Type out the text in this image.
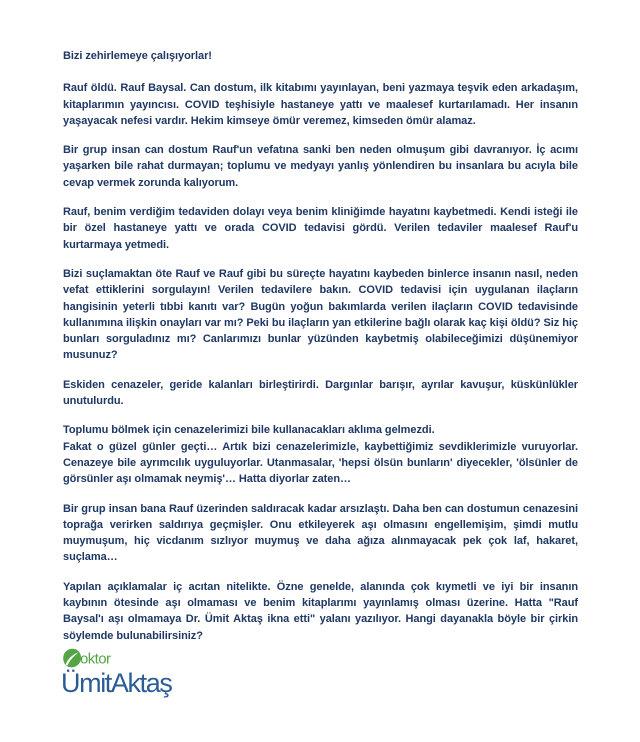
Bizi zehirlemeye çalışıyorlar!

Rauf öldü. Rauf Baysal. Can dostum, ilk kitabımı yayınlayan, beni yazmaya teşvik eden arkadaşım, kitaplarımın yayıncısı. COVID teşhisiyle hastaneye yattı ve maalesef kurtarılamadı. Her insanın yaşayacak nefesi vardır. Hekim kimseye ömür veremez, kimseden ömür alamaz.

Bir grup insan can dostum Rauf'un vefatına sanki ben neden olmuşum gibi davranıyor. İç acımı yaşarken bile rahat durmayan; toplumu ve medyayı yanlış yönlendiren bu insanlara bu acıyla bile cevap vermek zorunda kalıyorum.

Rauf, benim verdiğim tedaviden dolayı veya benim kliniğimde hayatını kaybetmedi. Kendi isteği ile bir özel hastaneye yattı ve orada COVID tedavisi gördü. Verilen tedaviler maalesef Rauf'u kurtarmaya yetmedi.

Bizi suçlamaktan öte Rauf ve Rauf gibi bu süreçte hayatını kaybeden binlerce insanın nasıl, neden vefat ettiklerini sorgulayın! Verilen tedavilere bakın. COVID tedavisi için uygulanan ilaçların hangisinin yeterli tıbbi kanıtı var? Bugün yoğun bakımlarda verilen ilaçların COVID tedavisinde kullanımına ilişkin onayları var mı? Peki bu ilaçların yan etkilerine bağlı olarak kaç kişi öldü? Siz hiç bunları sorguladınız mı? Canlarımızı bunlar yüzünden kaybetmiş olabileceğimizi düşünemiyor musunuz?

Eskiden cenazeler, geride kalanları birleştirirdi. Dargınlar barışır, ayrılar kavuşur, küskünlükler unutulurdu.

Toplumu bölmek için cenazelerimizi bile kullanacakları aklıma gelmezdi.

Fakat o güzel günler geçti… Artık bizi cenazelerimizle, kaybettiğimiz sevdiklerimizle vuruyorlar. Cenazeye bile ayrımcılık uyguluyorlar. Utanmasalar, 'hepsi ölsün bunların' diyecekler, 'ölsünler de görsünler aşı olmamak neymiş'… Hatta diyorlar zaten…

Bir grup insan bana Rauf üzerinden saldıracak kadar arsızlaştı. Daha ben can dostumun cenazesini toprağa verirken saldırıya geçmişler. Onu etkileyerek aşı olmasını engellemişim, şimdi mutlu muymuşum, hiç vicdanım sızlıyor muymuş ve daha ağıza alınmayacak pek çok laf, hakaret, suçlama…

Yapılan açıklamalar iç acıtan nitelikte. Özne genelde, alanında çok kıymetli ve iyi bir insanın kaybının ötesinde aşı olmaması ve benim kitaplarımı yayınlamış olması üzerine. Hatta "Rauf Baysal'ı aşı olmamaya Dr. Ümit Aktaş ikna etti" yalanı yazılıyor. Hangi dayanakla böyle bir çirkin söylemde bulunabilirsiniz?

oktor
ÜmitAktaş
